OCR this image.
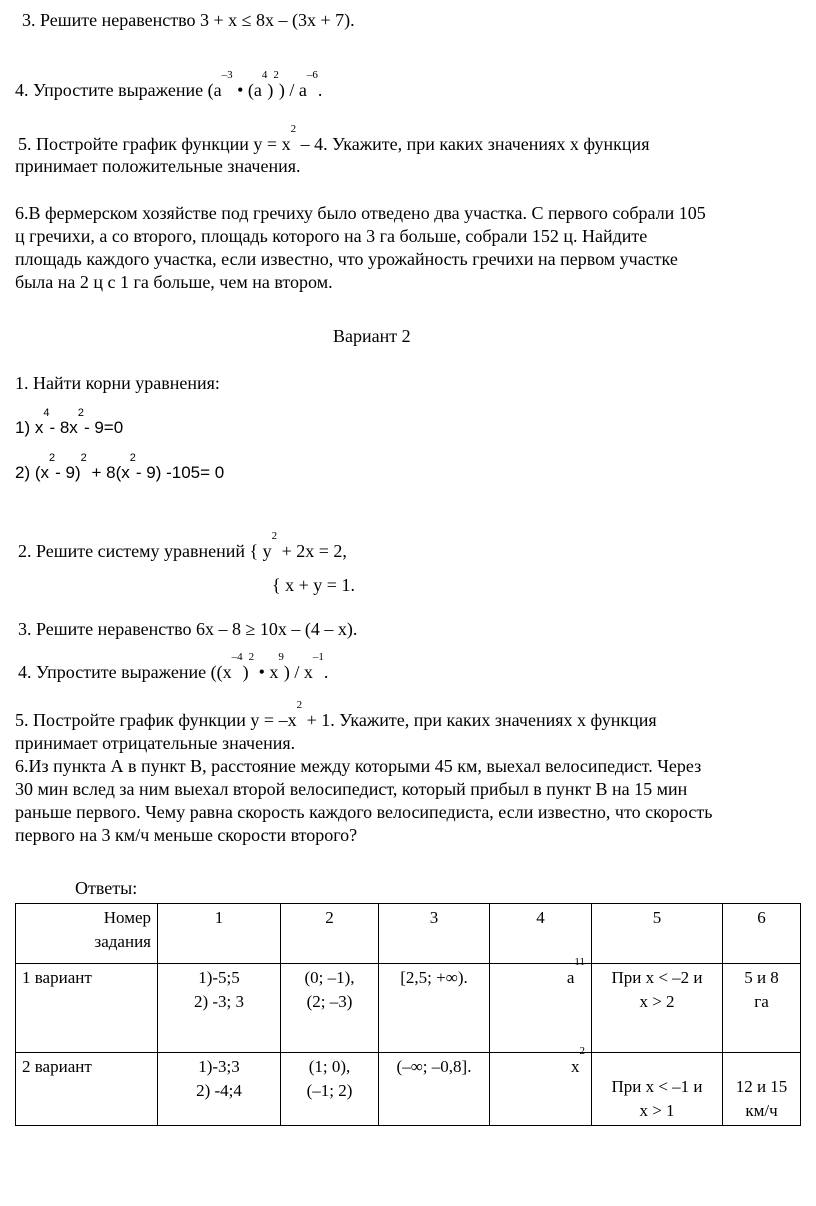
3. Решите неравенство 3 + x ≤ 8x – (3x + 7).
4. Упростите выражение ($a^{-3}$ • $(a^4)^2) / a^{-6}$.
5. Постройте график функции $y = x^2 - 4$. Укажите, при каких значениях x функция
принимает положительные значения.
6.В фермерском хозяйстве под гречиху было отведено два участка. С первого собрали 105
ц гречихи, а со второго, площадь которого на 3 га больше, собрали 152 ц. Найдите
площадь каждого участка, если известно, что урожайность гречихи на первом участке
была на 2 ц с 1 га больше, чем на втором.
Вариант 2
1. Найти корни уравнения:
1) $x^4-$ $8x^2-$ 9=0
2) ($x^2-$ $9)^2 + 8(x^2-$ 9) -105= 0
2. Решите систему уравнений { $y^2 + 2x = 2$,
{ x + y = 1.
3. Решите неравенство 6x – 8 ≥ 10x – (4 – x).
4. Упростите выражение ($(x^{-4})^2$ • $x^9) / x^{-1}$.
5. Постройте график функции $y = -x^2 + 1$. Укажите, при каких значениях x функция
принимает отрицательные значения.
6.Из пункта А в пункт В, расстояние между которыми 45 км, выехал велосипедист. Через
30 мин вслед за ним выехал второй велосипедист, который прибыл в пункт В на 15 мин
раньше первого. Чему равна скорость каждого велосипедиста, если известно, что скорость
первого на 3 км/ч меньше скорости второго?
Ответы:
Номер
задания	1	2	3	4	5	6
1 вариант	1)-5;5
2) -3; 3	(0; –1),
(2; –3)	[2,5; +∞).	$a^{11}$	При x < –2 и
x > 2	5 и 8
га
2 вариант	1)-3;3
2) -4;4	(1; 0),
(–1; 2)	(–∞; –0,8].	$x^2$	При x < –1 и
x > 1	12 и 15
км/ч
